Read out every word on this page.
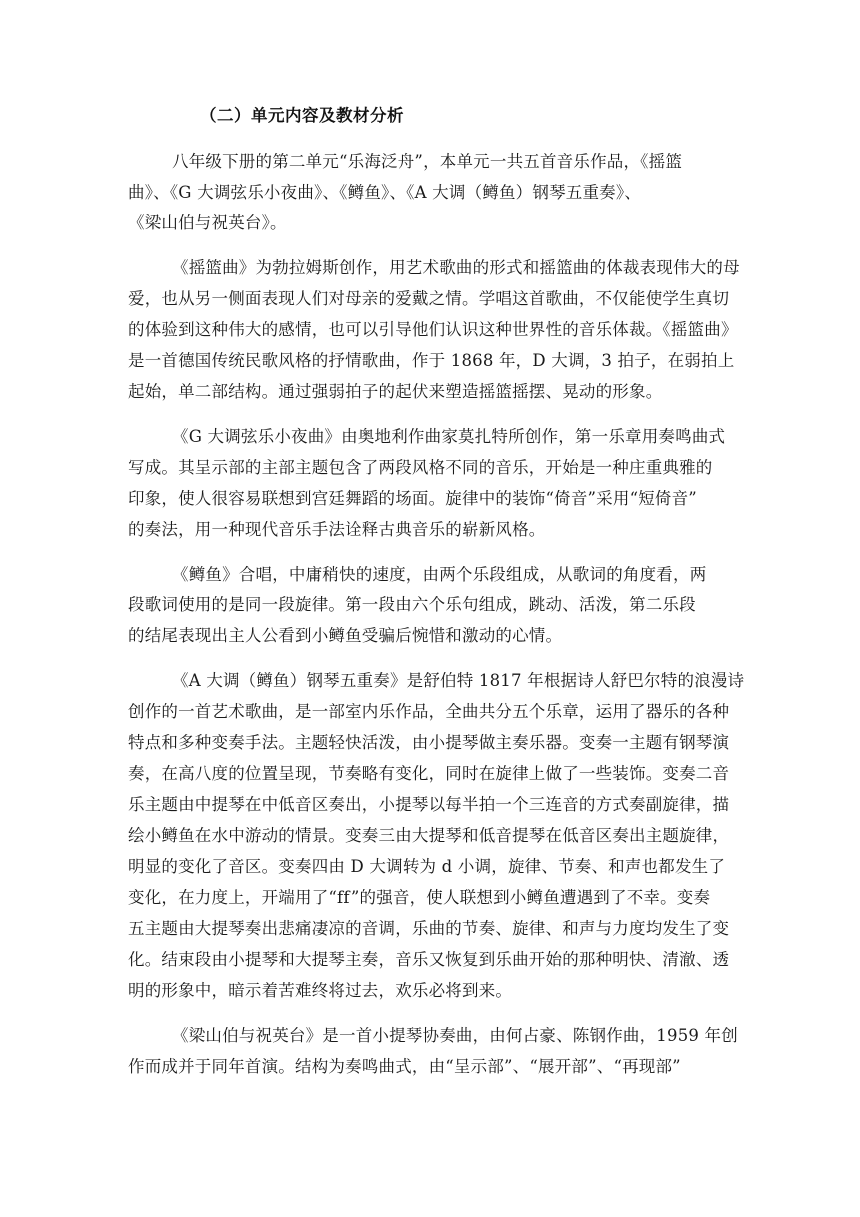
（二）单元内容及教材分析
八年级下册的第二单元“乐海泛舟”，本单元一共五首音乐作品，《摇篮
曲》、《G 大调弦乐小夜曲》、《鳟鱼》、《A 大调（鳟鱼）钢琴五重奏》、
《梁山伯与祝英台》。
《摇篮曲》为勃拉姆斯创作，用艺术歌曲的形式和摇篮曲的体裁表现伟大的母
爱，也从另一侧面表现人们对母亲的爱戴之情。学唱这首歌曲，不仅能使学生真切
的体验到这种伟大的感情，也可以引导他们认识这种世界性的音乐体裁。《摇篮曲》
是一首德国传统民歌风格的抒情歌曲，作于 1868 年，D 大调，3 拍子，在弱拍上
起始，单二部结构。通过强弱拍子的起伏来塑造摇篮摇摆、晃动的形象。
《G 大调弦乐小夜曲》由奥地利作曲家莫扎特所创作，第一乐章用奏鸣曲式
写成。其呈示部的主部主题包含了两段风格不同的音乐，开始是一种庄重典雅的
印象，使人很容易联想到宫廷舞蹈的场面。旋律中的装饰“倚音”采用“短倚音”
的奏法，用一种现代音乐手法诠释古典音乐的崭新风格。
《鳟鱼》合唱，中庸稍快的速度，由两个乐段组成，从歌词的角度看，两
段歌词使用的是同一段旋律。第一段由六个乐句组成，跳动、活泼，第二乐段
的结尾表现出主人公看到小鳟鱼受骗后惋惜和激动的心情。
《A 大调（鳟鱼）钢琴五重奏》是舒伯特 1817 年根据诗人舒巴尔特的浪漫诗
创作的一首艺术歌曲，是一部室内乐作品，全曲共分五个乐章，运用了器乐的各种
特点和多种变奏手法。主题轻快活泼，由小提琴做主奏乐器。变奏一主题有钢琴演
奏，在高八度的位置呈现，节奏略有变化，同时在旋律上做了一些装饰。变奏二音
乐主题由中提琴在中低音区奏出，小提琴以每半拍一个三连音的方式奏副旋律，描
绘小鳟鱼在水中游动的情景。变奏三由大提琴和低音提琴在低音区奏出主题旋律，
明显的变化了音区。变奏四由 D 大调转为 d 小调，旋律、节奏、和声也都发生了
变化，在力度上，开端用了“ff”的强音，使人联想到小鳟鱼遭遇到了不幸。变奏
五主题由大提琴奏出悲痛凄凉的音调，乐曲的节奏、旋律、和声与力度均发生了变
化。结束段由小提琴和大提琴主奏，音乐又恢复到乐曲开始的那种明快、清澈、透
明的形象中，暗示着苦难终将过去，欢乐必将到来。
《梁山伯与祝英台》是一首小提琴协奏曲，由何占豪、陈钢作曲，1959 年创
作而成并于同年首演。结构为奏鸣曲式，由“呈示部”、“展开部”、“再现部”
